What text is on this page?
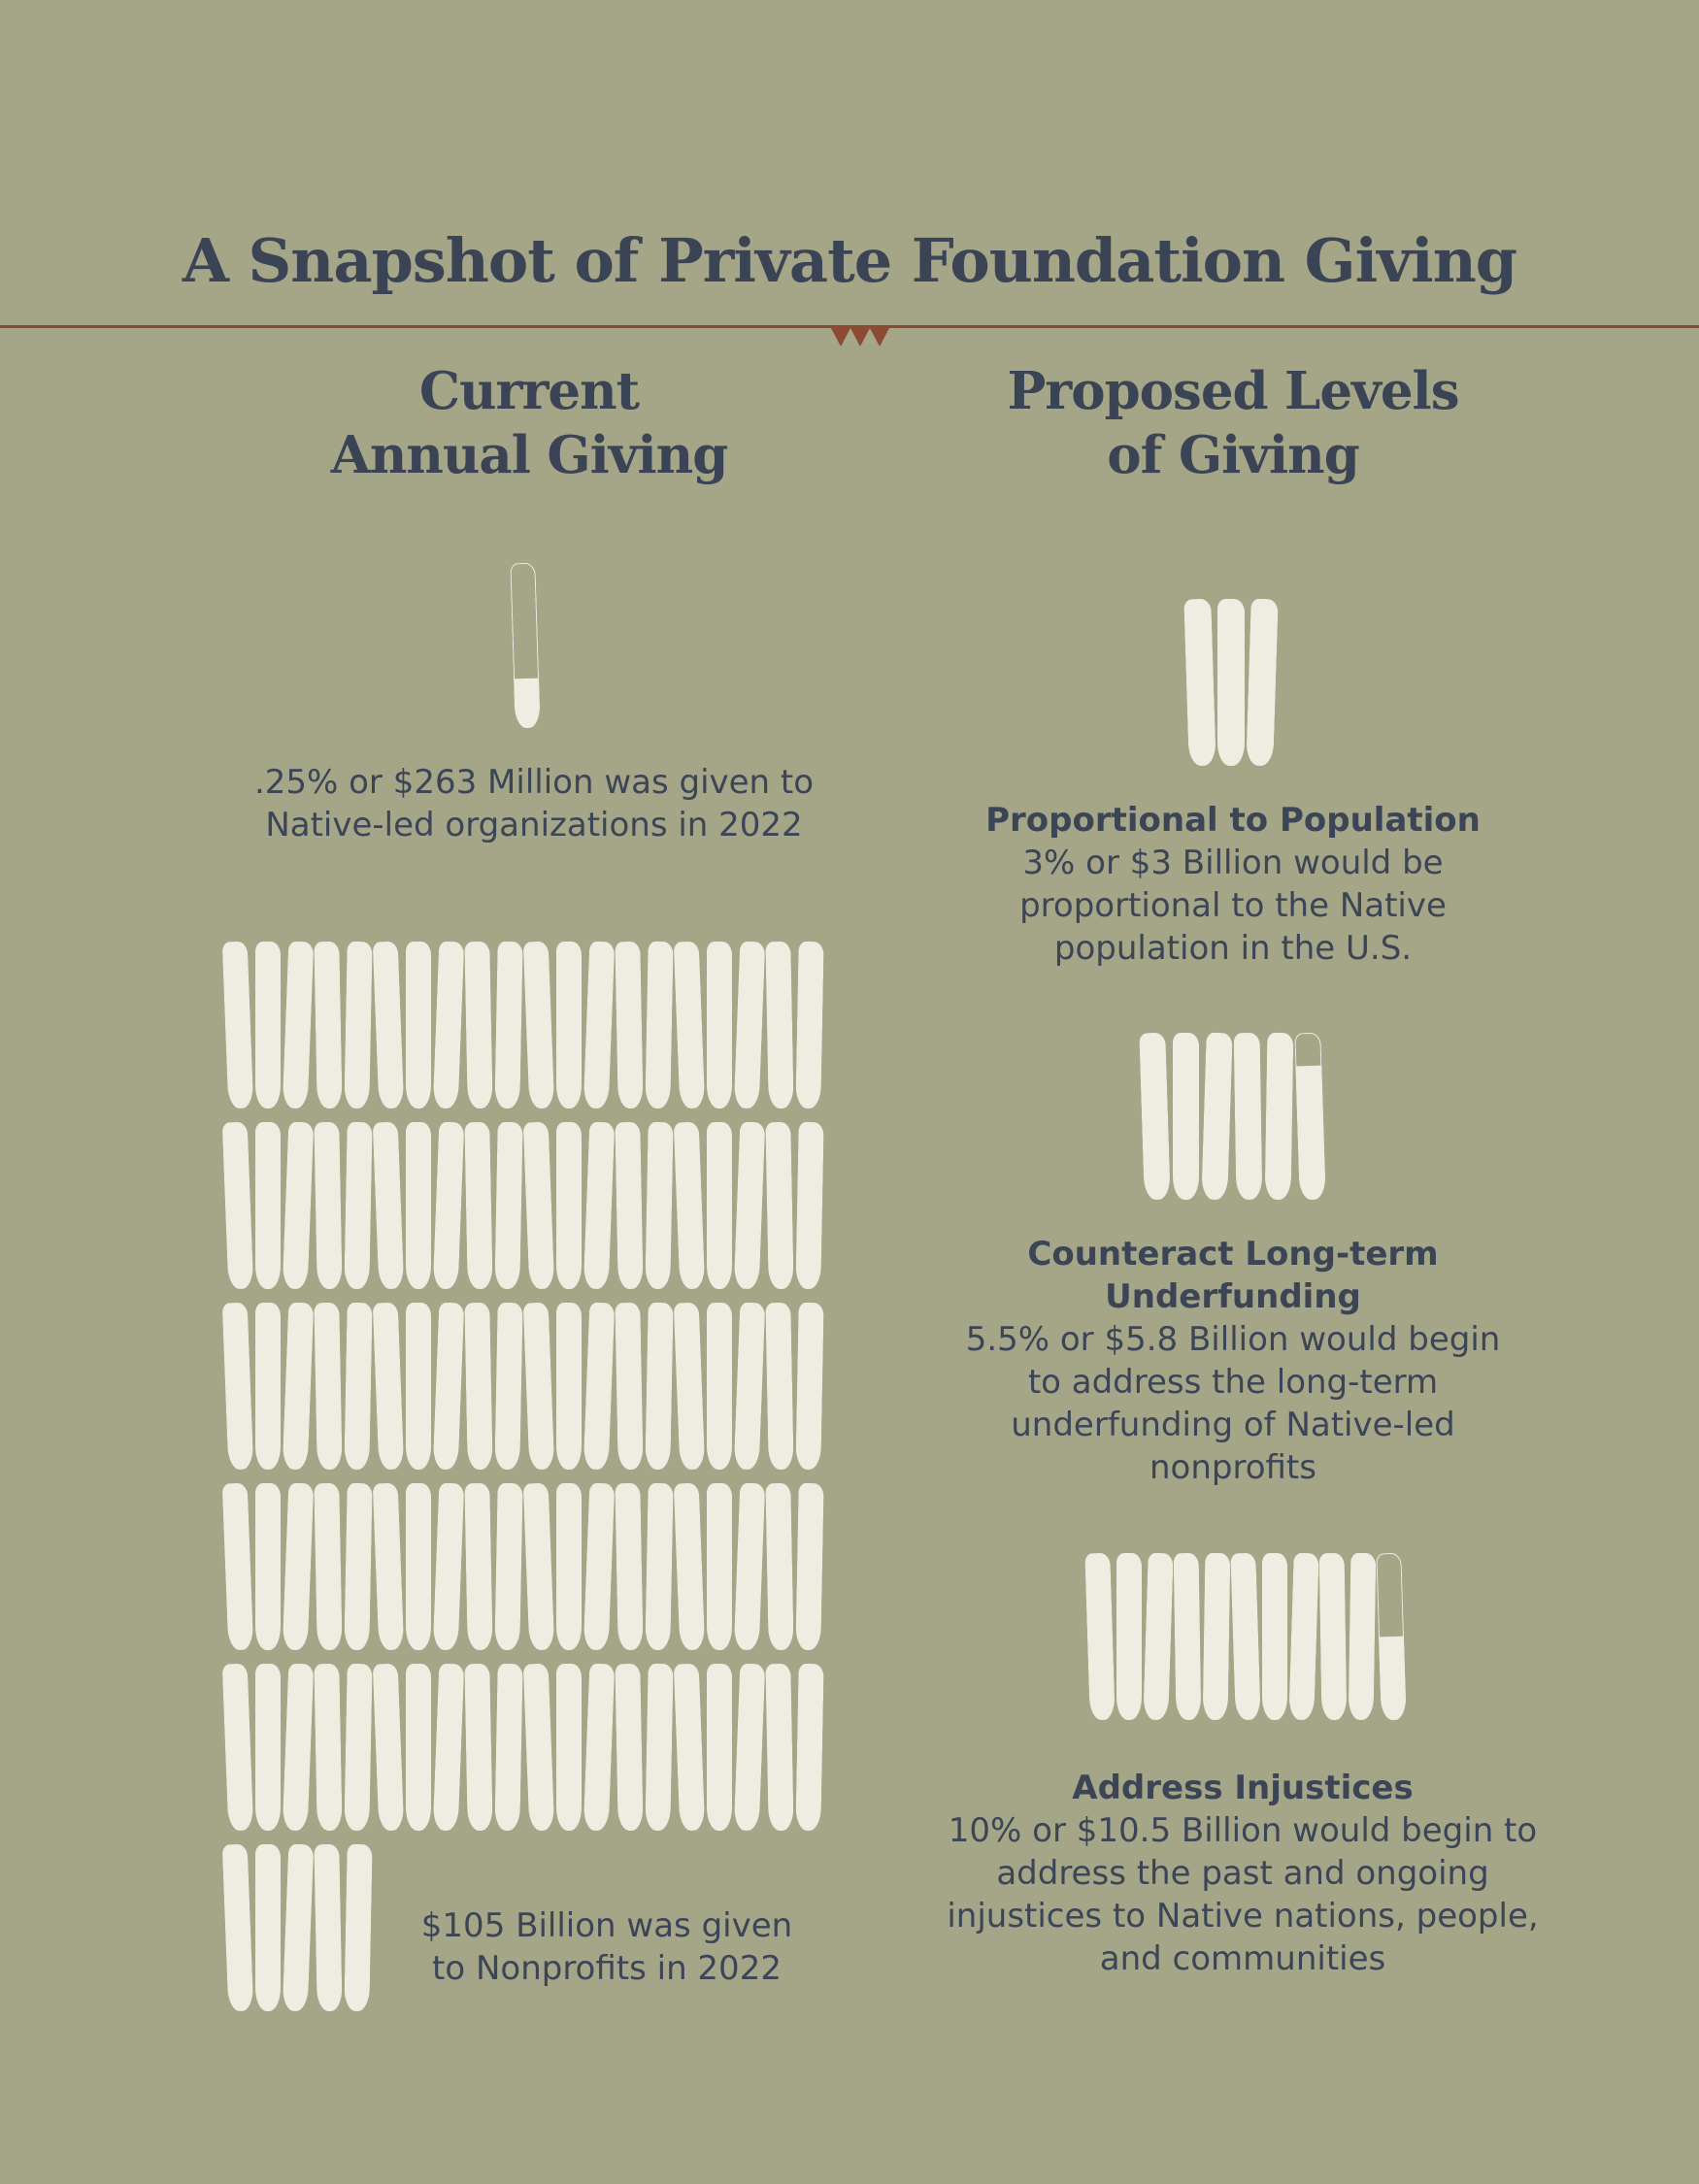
A Snapshot of Private Foundation Giving
Current Annual Giving
Proposed Levels of Giving
.25% or $263 Million was given to Native-led organizations in 2022
$105 Billion was given to Nonprofits in 2022
Proportional to Population
3% or $3 Billion would be proportional to the Native population in the U.S.
Counteract Long-term Underfunding
5.5% or $5.8 Billion would begin to address the long-term underfunding of Native-led nonprofits
Address Injustices
10% or $10.5 Billion would begin to address the past and ongoing injustices to Native nations, people, and communities
